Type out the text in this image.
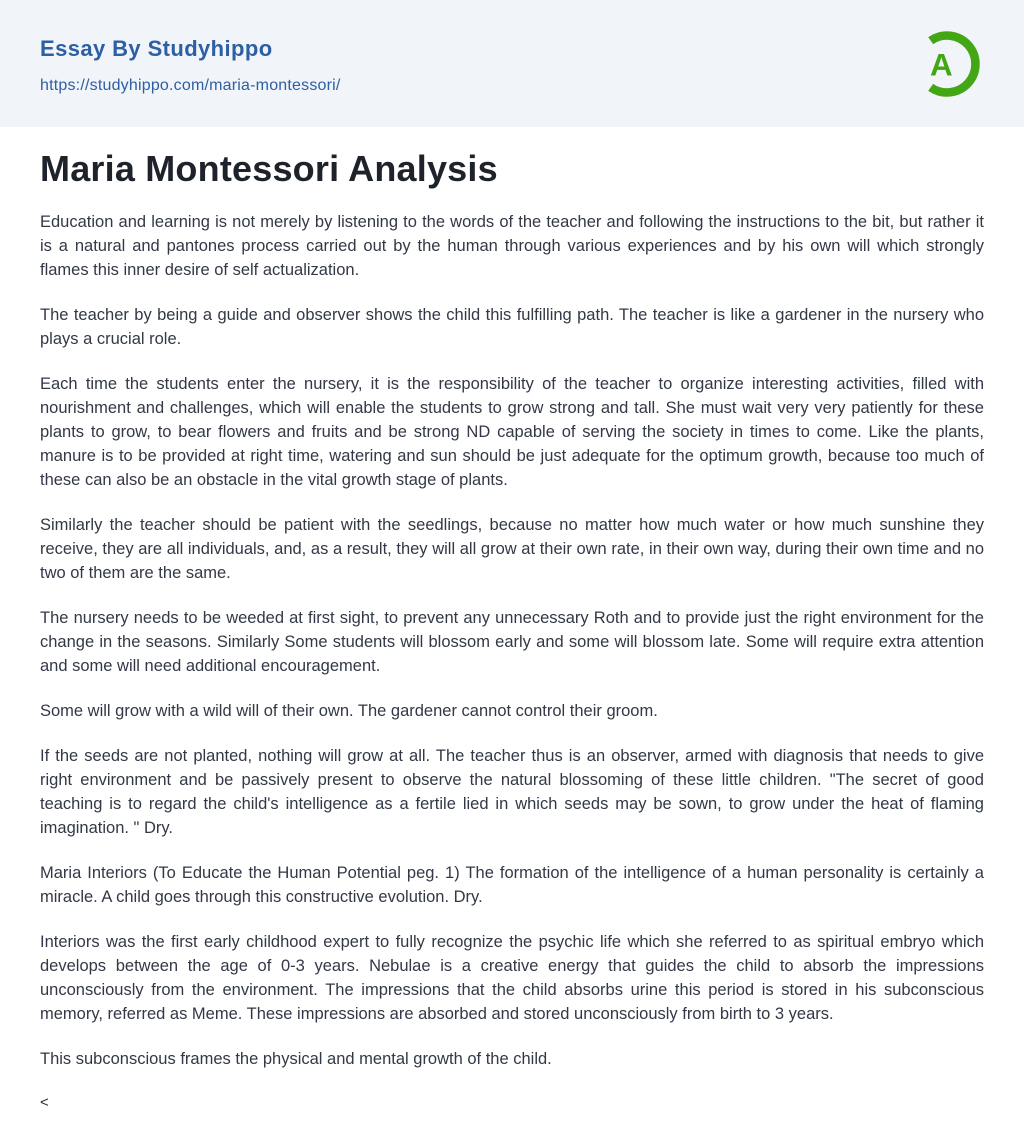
Essay By Studyhippo
https://studyhippo.com/maria-montessori/
A
Maria Montessori Analysis

Education and learning is not merely by listening to the words of the teacher and following the instructions to the bit, but rather it is a natural and pantones process carried out by the human through various experiences and by his own will which strongly flames this inner desire of self actualization.

The teacher by being a guide and observer shows the child this fulfilling path. The teacher is like a gardener in the nursery who plays a crucial role.

Each time the students enter the nursery, it is the responsibility of the teacher to organize interesting activities, filled with nourishment and challenges, which will enable the students to grow strong and tall. She must wait very very patiently for these plants to grow, to bear flowers and fruits and be strong ND capable of serving the society in times to come. Like the plants, manure is to be provided at right time, watering and sun should be just adequate for the optimum growth, because too much of these can also be an obstacle in the vital growth stage of plants.

Similarly the teacher should be patient with the seedlings, because no matter how much water or how much sunshine they receive, they are all individuals, and, as a result, they will all grow at their own rate, in their own way, during their own time and no two of them are the same.

The nursery needs to be weeded at first sight, to prevent any unnecessary Roth and to provide just the right environment for the change in the seasons. Similarly Some students will blossom early and some will blossom late. Some will require extra attention and some will need additional encouragement.

Some will grow with a wild will of their own. The gardener cannot control their groom.

If the seeds are not planted, nothing will grow at all. The teacher thus is an observer, armed with diagnosis that needs to give right environment and be passively present to observe the natural blossoming of these little children. "The secret of good teaching is to regard the child's intelligence as a fertile lied in which seeds may be sown, to grow under the heat of flaming imagination. " Dry.

Maria Interiors (To Educate the Human Potential peg. 1) The formation of the intelligence of a human personality is certainly a miracle. A child goes through this constructive evolution. Dry.

Interiors was the first early childhood expert to fully recognize the psychic life which she referred to as spiritual embryo which develops between the age of 0-3 years. Nebulae is a creative energy that guides the child to absorb the impressions unconsciously from the environment. The impressions that the child absorbs urine this period is stored in his subconscious memory, referred as Meme. These impressions are absorbed and stored unconsciously from birth to 3 years.

This subconscious frames the physical and mental growth of the child.

<
